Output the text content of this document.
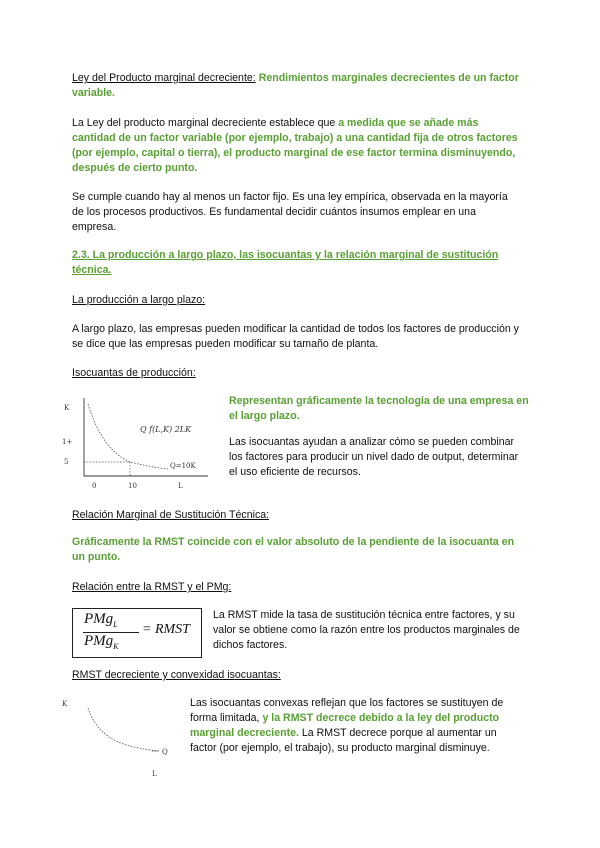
Ley del Producto marginal decreciente: Rendimientos marginales decrecientes de un factor variable.

La Ley del producto marginal decreciente establece que a medida que se añade más cantidad de un factor variable (por ejemplo, trabajo) a una cantidad fija de otros factores (por ejemplo, capital o tierra), el producto marginal de ese factor termina disminuyendo, después de cierto punto.

Se cumple cuando hay al menos un factor fijo. Es una ley empírica, observada en la mayoría de los procesos productivos. Es fundamental decidir cuántos insumos emplear en una empresa.

2.3. La producción a largo plazo, las isocuantas y la relación marginal de sustitución técnica.

La producción a largo plazo:

A largo plazo, las empresas pueden modificar la cantidad de todos los factores de producción y se dice que las empresas pueden modificar su tamaño de planta.

Isocuantas de producción:

K
1+
5
Q f(L,K) 2LK
Q=10K
0	10	L

Representan gráficamente la tecnología de una empresa en el largo plazo.

Las isocuantas ayudan a analizar cómo se pueden combinar los factores para producir un nivel dado de output, determinar el uso eficiente de recursos.

Relación Marginal de Sustitución Técnica:

Gráficamente la RMST coincide con el valor absoluto de la pendiente de la isocuanta en un punto.

Relación entre la RMST y el PMg:

PMg$_L$
PMg$_K$
= RMST

La RMST mide la tasa de sustitución técnica entre factores, y su valor se obtiene como la razón entre los productos marginales de dichos factores.

RMST decreciente y convexidad isocuantas:

K
Q
L

Las isocuantas convexas reflejan que los factores se sustituyen de forma limitada, y la RMST decrece debido a la ley del producto marginal decreciente. La RMST decrece porque al aumentar un factor (por ejemplo, el trabajo), su producto marginal disminuye.
